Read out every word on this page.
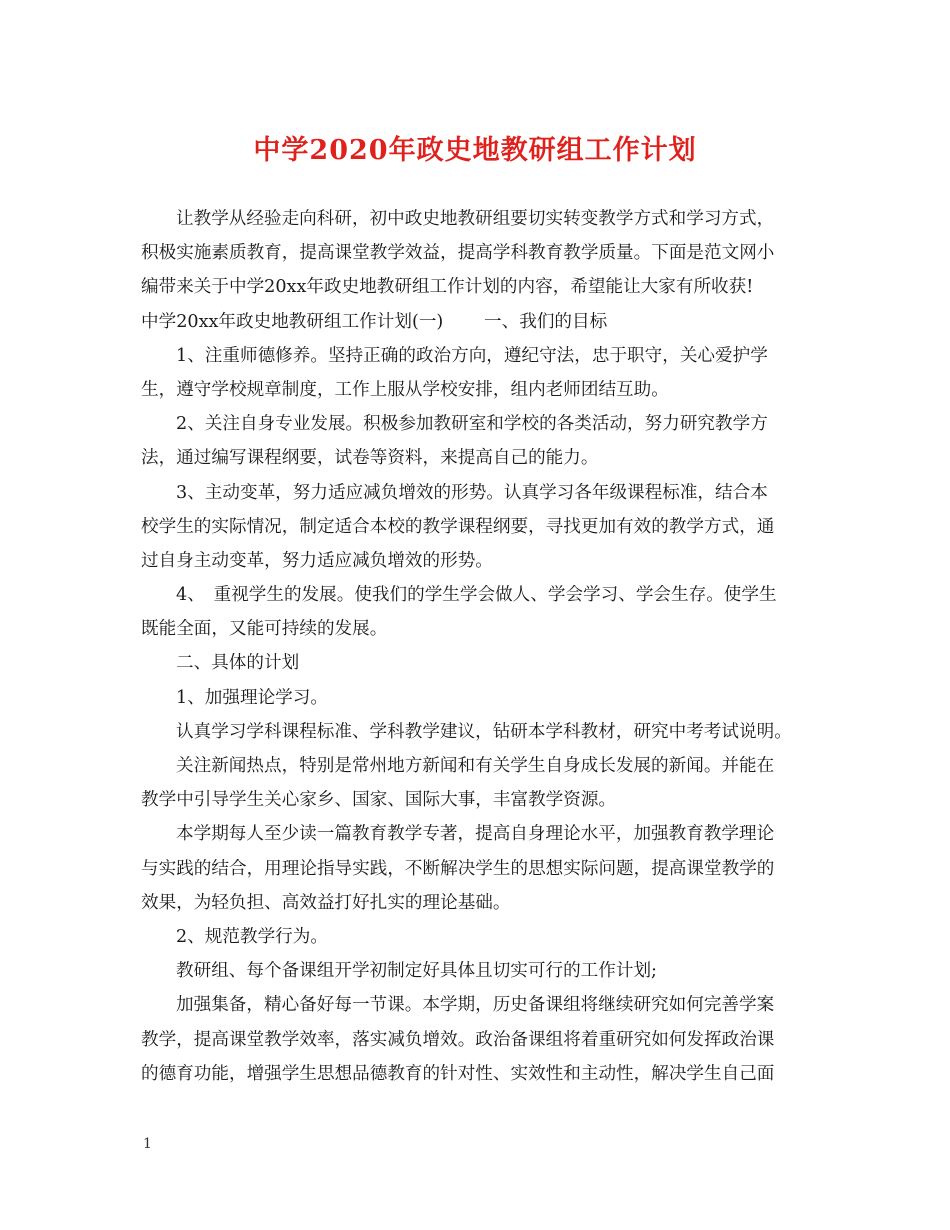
中学2020年政史地教研组工作计划
让教学从经验走向科研，初中政史地教研组要切实转变教学方式和学习方式，
积极实施素质教育，提高课堂教学效益，提高学科教育教学质量。下面是范文网小
编带来关于中学20xx年政史地教研组工作计划的内容，希望能让大家有所收获!
中学20xx年政史地教研组工作计划(一)　　 一、我们的目标
1、注重师德修养。坚持正确的政治方向，遵纪守法，忠于职守，关心爱护学
生，遵守学校规章制度，工作上服从学校安排，组内老师团结互助。
2、关注自身专业发展。积极参加教研室和学校的各类活动，努力研究教学方
法，通过编写课程纲要，试卷等资料，来提高自己的能力。
3、主动变革，努力适应减负增效的形势。认真学习各年级课程标准，结合本
校学生的实际情况，制定适合本校的教学课程纲要，寻找更加有效的教学方式，通
过自身主动变革，努力适应减负增效的形势。
4、　重视学生的发展。使我们的学生学会做人、学会学习、学会生存。使学生
既能全面，又能可持续的发展。
二、具体的计划
1、加强理论学习。
认真学习学科课程标准、学科教学建议，钻研本学科教材，研究中考考试说明。
关注新闻热点，特别是常州地方新闻和有关学生自身成长发展的新闻。并能在
教学中引导学生关心家乡、国家、国际大事，丰富教学资源。
本学期每人至少读一篇教育教学专著，提高自身理论水平，加强教育教学理论
与实践的结合，用理论指导实践，不断解决学生的思想实际问题，提高课堂教学的
效果，为轻负担、高效益打好扎实的理论基础。
2、规范教学行为。
教研组、每个备课组开学初制定好具体且切实可行的工作计划;
加强集备，精心备好每一节课。本学期，历史备课组将继续研究如何完善学案
教学，提高课堂教学效率，落实减负增效。政治备课组将着重研究如何发挥政治课
的德育功能，增强学生思想品德教育的针对性、实效性和主动性，解决学生自己面
1
